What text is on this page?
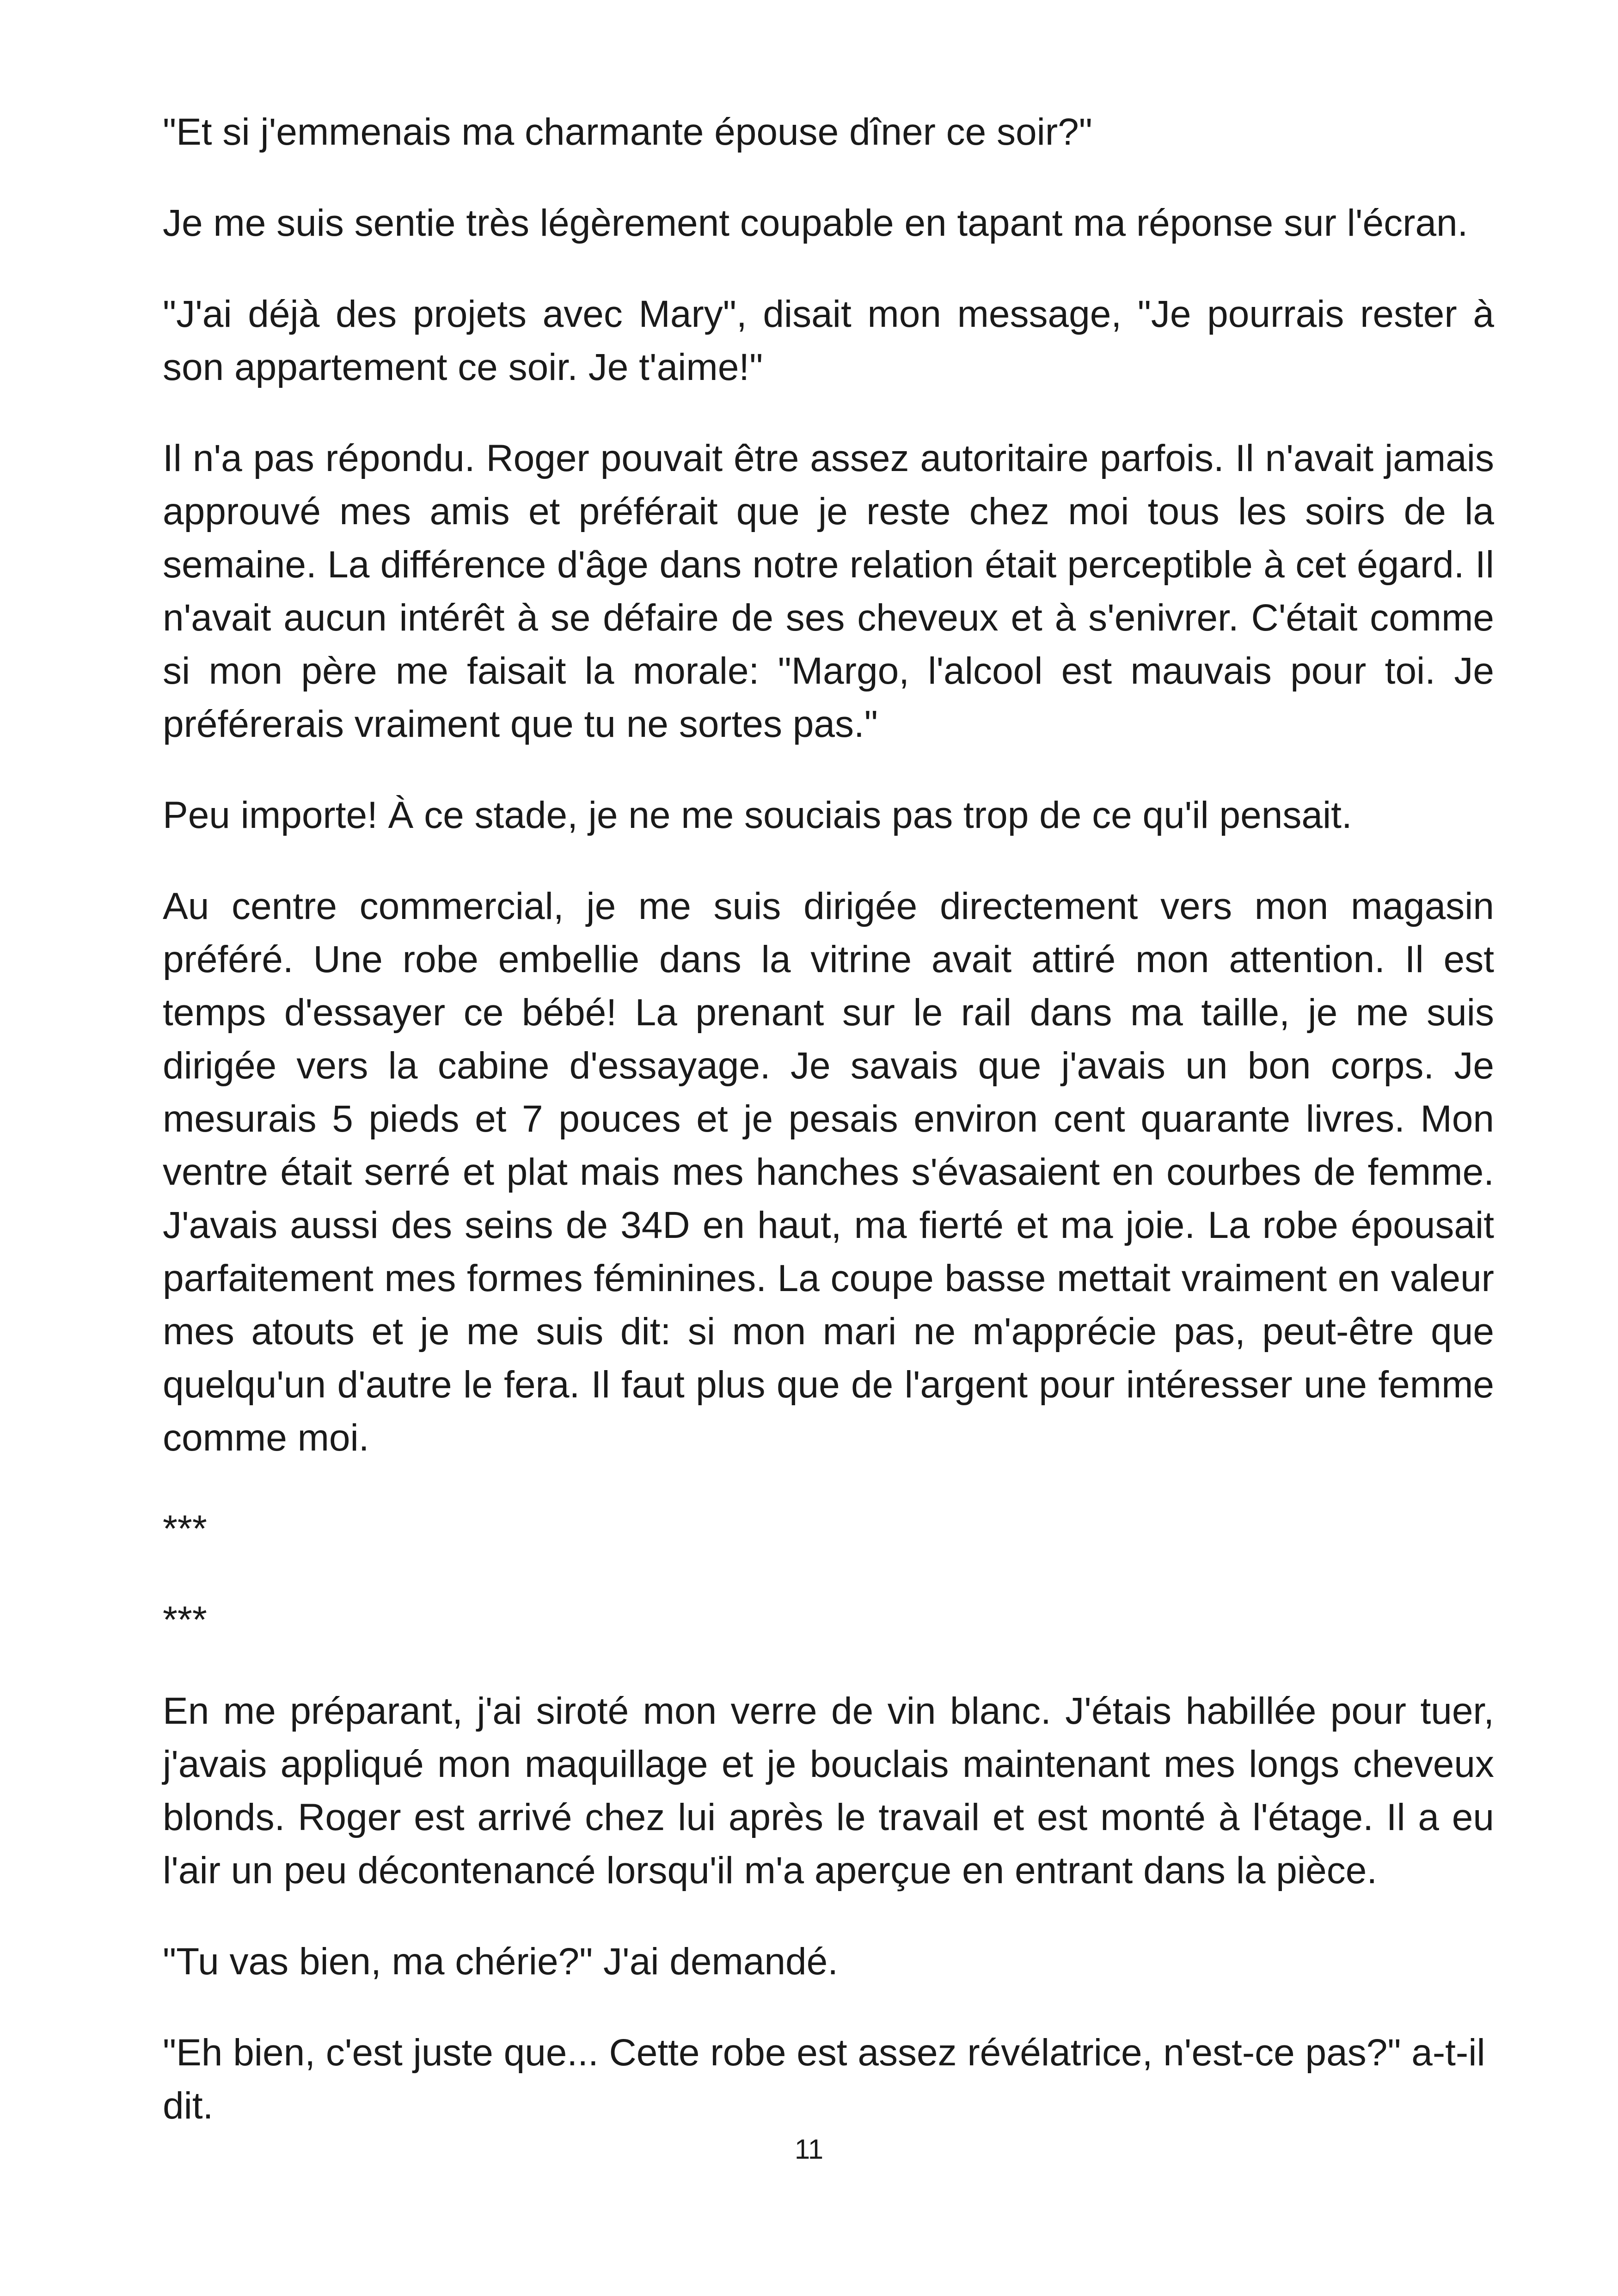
"Et si j'emmenais ma charmante épouse dîner ce soir?"

Je me suis sentie très légèrement coupable en tapant ma réponse sur l'écran.

"J'ai déjà des projets avec Mary", disait mon message, "Je pourrais rester à son appartement ce soir. Je t'aime!"

Il n'a pas répondu. Roger pouvait être assez autoritaire parfois. Il n'avait jamais approuvé mes amis et préférait que je reste chez moi tous les soirs de la semaine. La différence d'âge dans notre relation était perceptible à cet égard. Il n'avait aucun intérêt à se défaire de ses cheveux et à s'enivrer. C'était comme si mon père me faisait la morale: "Margo, l'alcool est mauvais pour toi. Je préférerais vraiment que tu ne sortes pas."

Peu importe! À ce stade, je ne me souciais pas trop de ce qu'il pensait.

Au centre commercial, je me suis dirigée directement vers mon magasin préféré. Une robe embellie dans la vitrine avait attiré mon attention. Il est temps d'essayer ce bébé! La prenant sur le rail dans ma taille, je me suis dirigée vers la cabine d'essayage. Je savais que j'avais un bon corps. Je mesurais 5 pieds et 7 pouces et je pesais environ cent quarante livres. Mon ventre était serré et plat mais mes hanches s'évasaient en courbes de femme. J'avais aussi des seins de 34D en haut, ma fierté et ma joie. La robe épousait parfaitement mes formes féminines. La coupe basse mettait vraiment en valeur mes atouts et je me suis dit: si mon mari ne m'apprécie pas, peut-être que quelqu'un d'autre le fera. Il faut plus que de l'argent pour intéresser une femme comme moi.

***

***

En me préparant, j'ai siroté mon verre de vin blanc. J'étais habillée pour tuer, j'avais appliqué mon maquillage et je bouclais maintenant mes longs cheveux blonds. Roger est arrivé chez lui après le travail et est monté à l'étage. Il a eu l'air un peu décontenancé lorsqu'il m'a aperçue en entrant dans la pièce.

"Tu vas bien, ma chérie?" J'ai demandé.

"Eh bien, c'est juste que... Cette robe est assez révélatrice, n'est-ce pas?" a-t-il dit.

11
